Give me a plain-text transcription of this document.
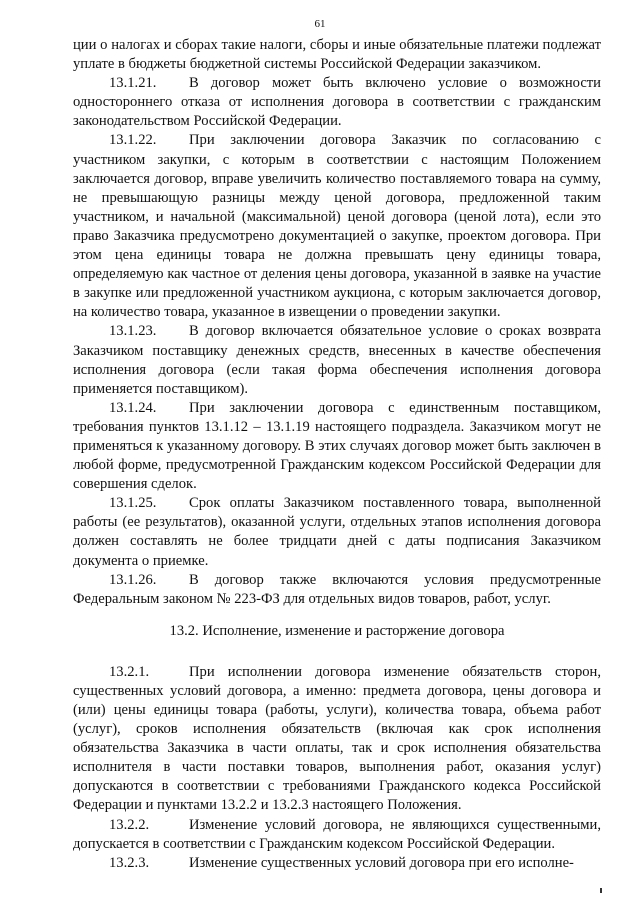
61

ции о налогах и сборах такие налоги, сборы и иные обязательные платежи подлежат уплате в бюджеты бюджетной системы Российской Федерации заказчиком.

13.1.21. В договор может быть включено условие о возможности одностороннего отказа от исполнения договора в соответствии с гражданским законодательством Российской Федерации.

13.1.22. При заключении договора Заказчик по согласованию с участником закупки, с которым в соответствии с настоящим Положением заключается договор, вправе увеличить количество поставляемого товара на сумму, не превышающую разницы между ценой договора, предложенной таким участником, и начальной (максимальной) ценой договора (ценой лота), если это право Заказчика предусмотрено документацией о закупке, проектом договора. При этом цена единицы товара не должна превышать цену единицы товара, определяемую как частное от деления цены договора, указанной в заявке на участие в закупке или предложенной участником аукциона, с которым заключается договор, на количество товара, указанное в извещении о проведении закупки.

13.1.23. В договор включается обязательное условие о сроках возврата Заказчиком поставщику денежных средств, внесенных в качестве обеспечения исполнения договора (если такая форма обеспечения исполнения договора применяется поставщиком).

13.1.24. При заключении договора с единственным поставщиком, требования пунктов 13.1.12 – 13.1.19 настоящего подраздела. Заказчиком могут не применяться к указанному договору. В этих случаях договор может быть заключен в любой форме, предусмотренной Гражданским кодексом Российской Федерации для совершения сделок.

13.1.25. Срок оплаты Заказчиком поставленного товара, выполненной работы (ее результатов), оказанной услуги, отдельных этапов исполнения договора должен составлять не более тридцати дней с даты подписания Заказчиком документа о приемке.

13.1.26. В договор также включаются условия предусмотренные Федеральным законом № 223-ФЗ для отдельных видов товаров, работ, услуг.

13.2. Исполнение, изменение и расторжение договора

13.2.1.	При исполнении договора изменение обязательств сторон, существенных условий договора, а именно: предмета договора, цены договора и (или) цены единицы товара (работы, услуги), количества товара, объема работ (услуг), сроков исполнения обязательств (включая как срок исполнения обязательства Заказчика в части оплаты, так и срок исполнения обязательства исполнителя в части поставки товаров, выполнения работ, оказания услуг) допускаются в соответствии с требованиями Гражданского кодекса Российской Федерации и пунктами 13.2.2 и 13.2.3 настоящего Положения.

13.2.2.	Изменение условий договора, не являющихся существенными, допускается в соответствии с Гражданским кодексом Российской Федерации.

13.2.3.	Изменение существенных условий договора при его исполне-
